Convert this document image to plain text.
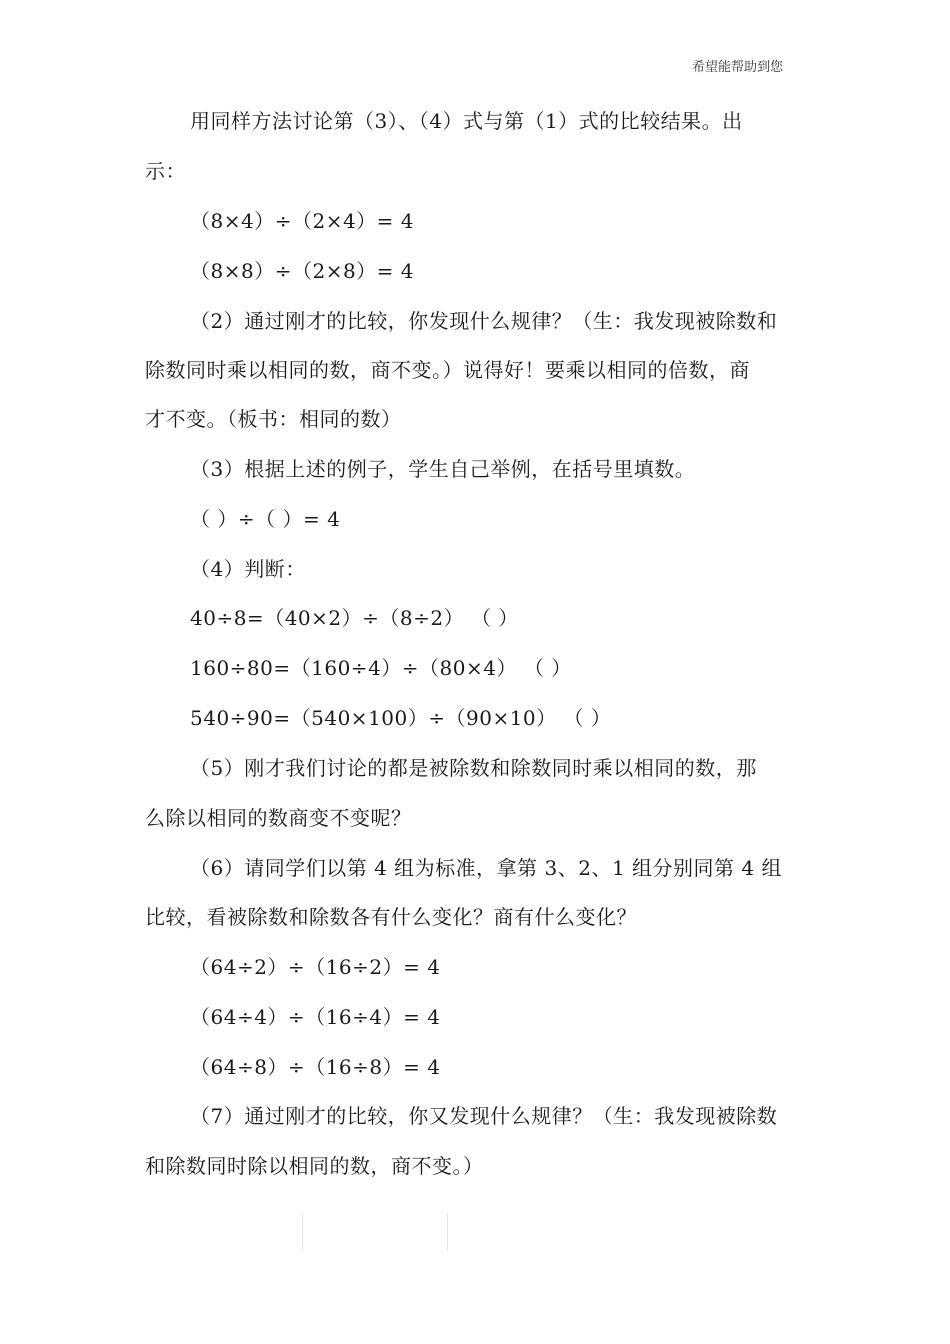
希望能帮助到您
用同样方法讨论第（3）、（4）式与第（1）式的比较结果。出
示：
（8×4）÷（2×4）= 4
（8×8）÷（2×8）= 4
（2）通过刚才的比较，你发现什么规律？（生：我发现被除数和
除数同时乘以相同的数，商不变。）说得好！要乘以相同的倍数，商
才不变。（板书：相同的数）
（3）根据上述的例子，学生自己举例，在括号里填数。
（ ）÷（ ）= 4
（4）判断：
40÷8=（40×2）÷（8÷2） （ ）
160÷80=（160÷4）÷（80×4） （ ）
540÷90=（540×100）÷（90×10） （ ）
（5）刚才我们讨论的都是被除数和除数同时乘以相同的数，那
么除以相同的数商变不变呢？
（6）请同学们以第 4 组为标准，拿第 3、2、1 组分别同第 4 组
比较，看被除数和除数各有什么变化？商有什么变化？
（64÷2）÷（16÷2）= 4
（64÷4）÷（16÷4）= 4
（64÷8）÷（16÷8）= 4
（7）通过刚才的比较，你又发现什么规律？（生：我发现被除数
和除数同时除以相同的数，商不变。）
